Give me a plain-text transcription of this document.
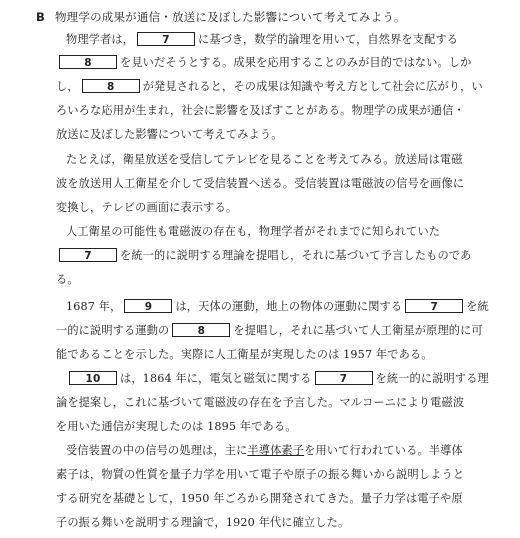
B 物理学の成果が通信・放送に及ぼした影響について考えてみよう。
物理学者は，	7	に基づき，数学的論理を用いて，自然界を支配する
8	を見いだそうとする。成果を応用することのみが目的ではない。しか
し，	8	が発見されると，その成果は知識や考え方として社会に広がり，い
ろいろな応用が生まれ，社会に影響を及ぼすことがある。物理学の成果が通信・
放送に及ぼした影響について考えてみよう。
たとえば，衛星放送を受信してテレビを見ることを考えてみる。放送局は電磁
波を放送用人工衛星を介して受信装置へ送る。受信装置は電磁波の信号を画像に
変換し，テレビの画面に表示する。
人工衛星の可能性も電磁波の存在も，物理学者がそれまでに知られていた
7	を統一的に説明する理論を提唱し，それに基づいて予言したものであ
る。
1687 年， 9 は，天体の運動，地上の物体の運動に関する	7	を統
一的に説明する運動の	8	を提唱し，それに基づいて人工衛星が原理的に可
能であることを示した。実際に人工衛星が実現したのは 1957 年である。
10 は，1864 年に，電気と磁気に関する	7	を統一的に説明する理
論を提案し，これに基づいて電磁波の存在を予言した。マルコーニにより電磁波
を用いた通信が実現したのは 1895 年である。
受信装置の中の信号の処理は，主に半導体素子を用いて行われている。半導体
素子は，物質の性質を量子力学を用いて電子や原子の振る舞いから説明しようと
する研究を基礎として，1950 年ごろから開発されてきた。量子力学は電子や原
子の振る舞いを説明する理論で，1920 年代に確立した。
